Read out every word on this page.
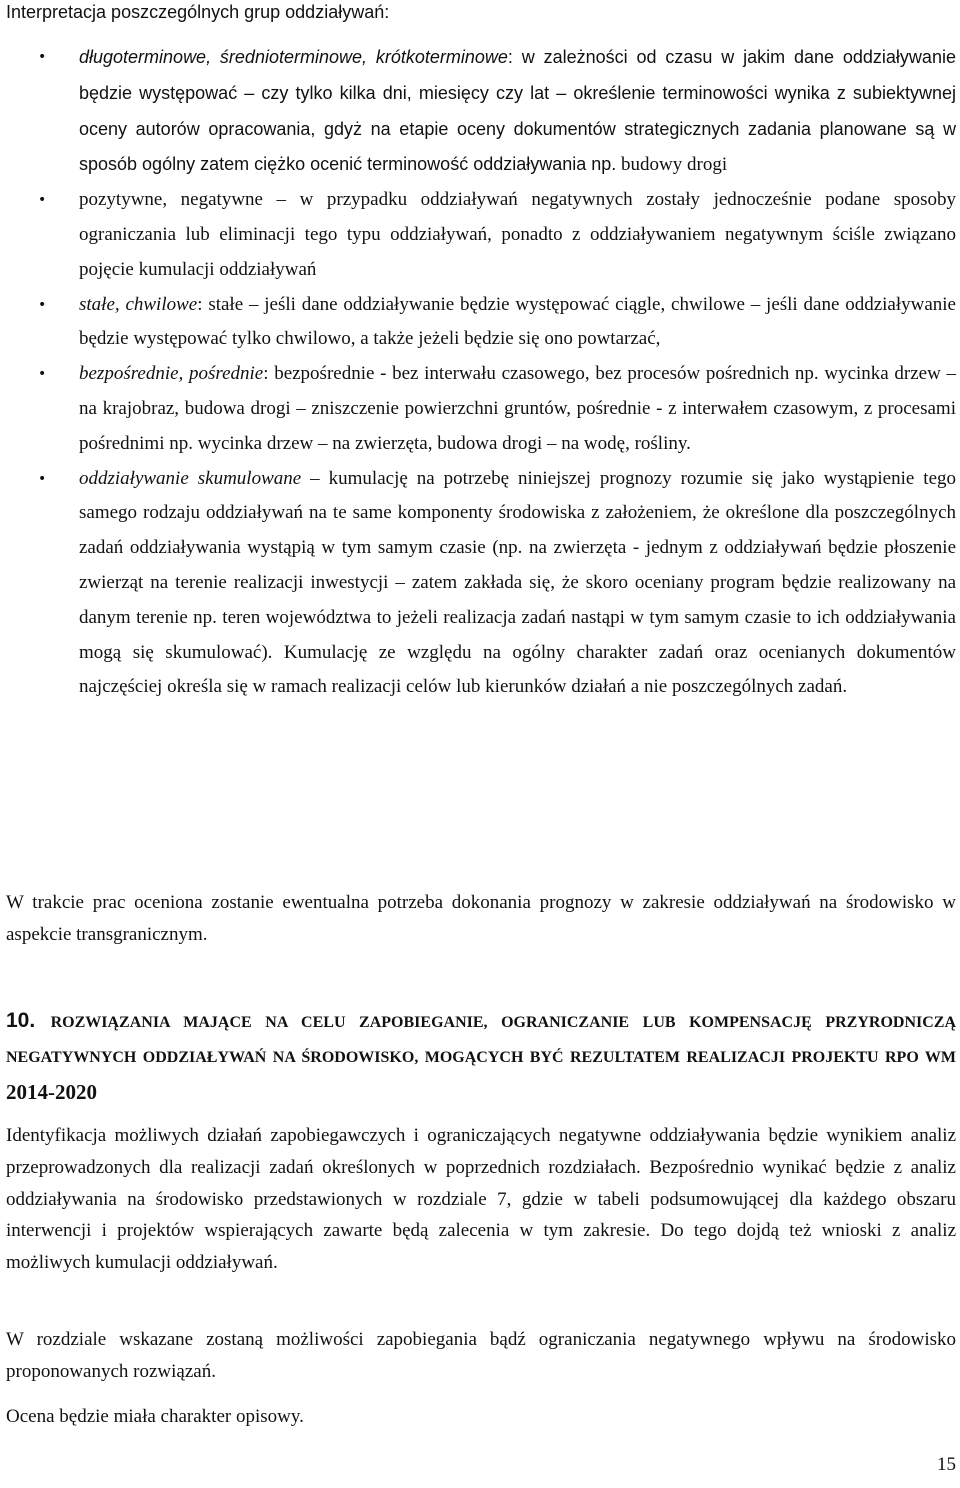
Interpretacja poszczególnych grup oddziaływań:

• długoterminowe, średnioterminowe, krótkoterminowe: w zależności od czasu w jakim dane oddziaływanie będzie występować – czy tylko kilka dni, miesięcy czy lat – określenie terminowości wynika z subiektywnej oceny autorów opracowania, gdyż na etapie oceny dokumentów strategicznych zadania planowane są w sposób ogólny zatem ciężko ocenić terminowość oddziaływania np. budowy drogi
• pozytywne, negatywne – w przypadku oddziaływań negatywnych zostały jednocześnie podane sposoby ograniczania lub eliminacji tego typu oddziaływań, ponadto z oddziaływaniem negatywnym ściśle związano pojęcie kumulacji oddziaływań
• stałe, chwilowe: stałe – jeśli dane oddziaływanie będzie występować ciągle, chwilowe – jeśli dane oddziaływanie będzie występować tylko chwilowo, a także jeżeli będzie się ono powtarzać,
• bezpośrednie, pośrednie: bezpośrednie - bez interwału czasowego, bez procesów pośrednich np. wycinka drzew – na krajobraz, budowa drogi – zniszczenie powierzchni gruntów, pośrednie - z interwałem czasowym, z procesami pośrednimi np. wycinka drzew – na zwierzęta, budowa drogi – na wodę, rośliny.
• oddziaływanie skumulowane – kumulację na potrzebę niniejszej prognozy rozumie się jako wystąpienie tego samego rodzaju oddziaływań na te same komponenty środowiska z założeniem, że określone dla poszczególnych zadań oddziaływania wystąpią w tym samym czasie (np. na zwierzęta - jednym z oddziaływań będzie płoszenie zwierząt na terenie realizacji inwestycji – zatem zakłada się, że skoro oceniany program będzie realizowany na danym terenie np. teren województwa to jeżeli realizacja zadań nastąpi w tym samym czasie to ich oddziaływania mogą się skumulować). Kumulację ze względu na ogólny charakter zadań oraz ocenianych dokumentów najczęściej określa się w ramach realizacji celów lub kierunków działań a nie poszczególnych zadań.

W trakcie prac oceniona zostanie ewentualna potrzeba dokonania prognozy w zakresie oddziaływań na środowisko w aspekcie transgranicznym.

10. ROZWIĄZANIA MAJĄCE NA CELU ZAPOBIEGANIE, OGRANICZANIE LUB KOMPENSACJĘ PRZYRODNICZĄ NEGATYWNYCH ODDZIAŁYWAŃ NA ŚRODOWISKO, MOGĄCYCH BYĆ REZULTATEM REALIZACJI PROJEKTU RPO WM 2014-2020

Identyfikacja możliwych działań zapobiegawczych i ograniczających negatywne oddziaływania będzie wynikiem analiz przeprowadzonych dla realizacji zadań określonych w poprzednich rozdziałach. Bezpośrednio wynikać będzie z analiz oddziaływania na środowisko przedstawionych w rozdziale 7, gdzie w tabeli podsumowującej dla każdego obszaru interwencji i projektów wspierających zawarte będą zalecenia w tym zakresie. Do tego dojdą też wnioski z analiz możliwych kumulacji oddziaływań.

W rozdziale wskazane zostaną możliwości zapobiegania bądź ograniczania negatywnego wpływu na środowisko proponowanych rozwiązań.

Ocena będzie miała charakter opisowy.

15
